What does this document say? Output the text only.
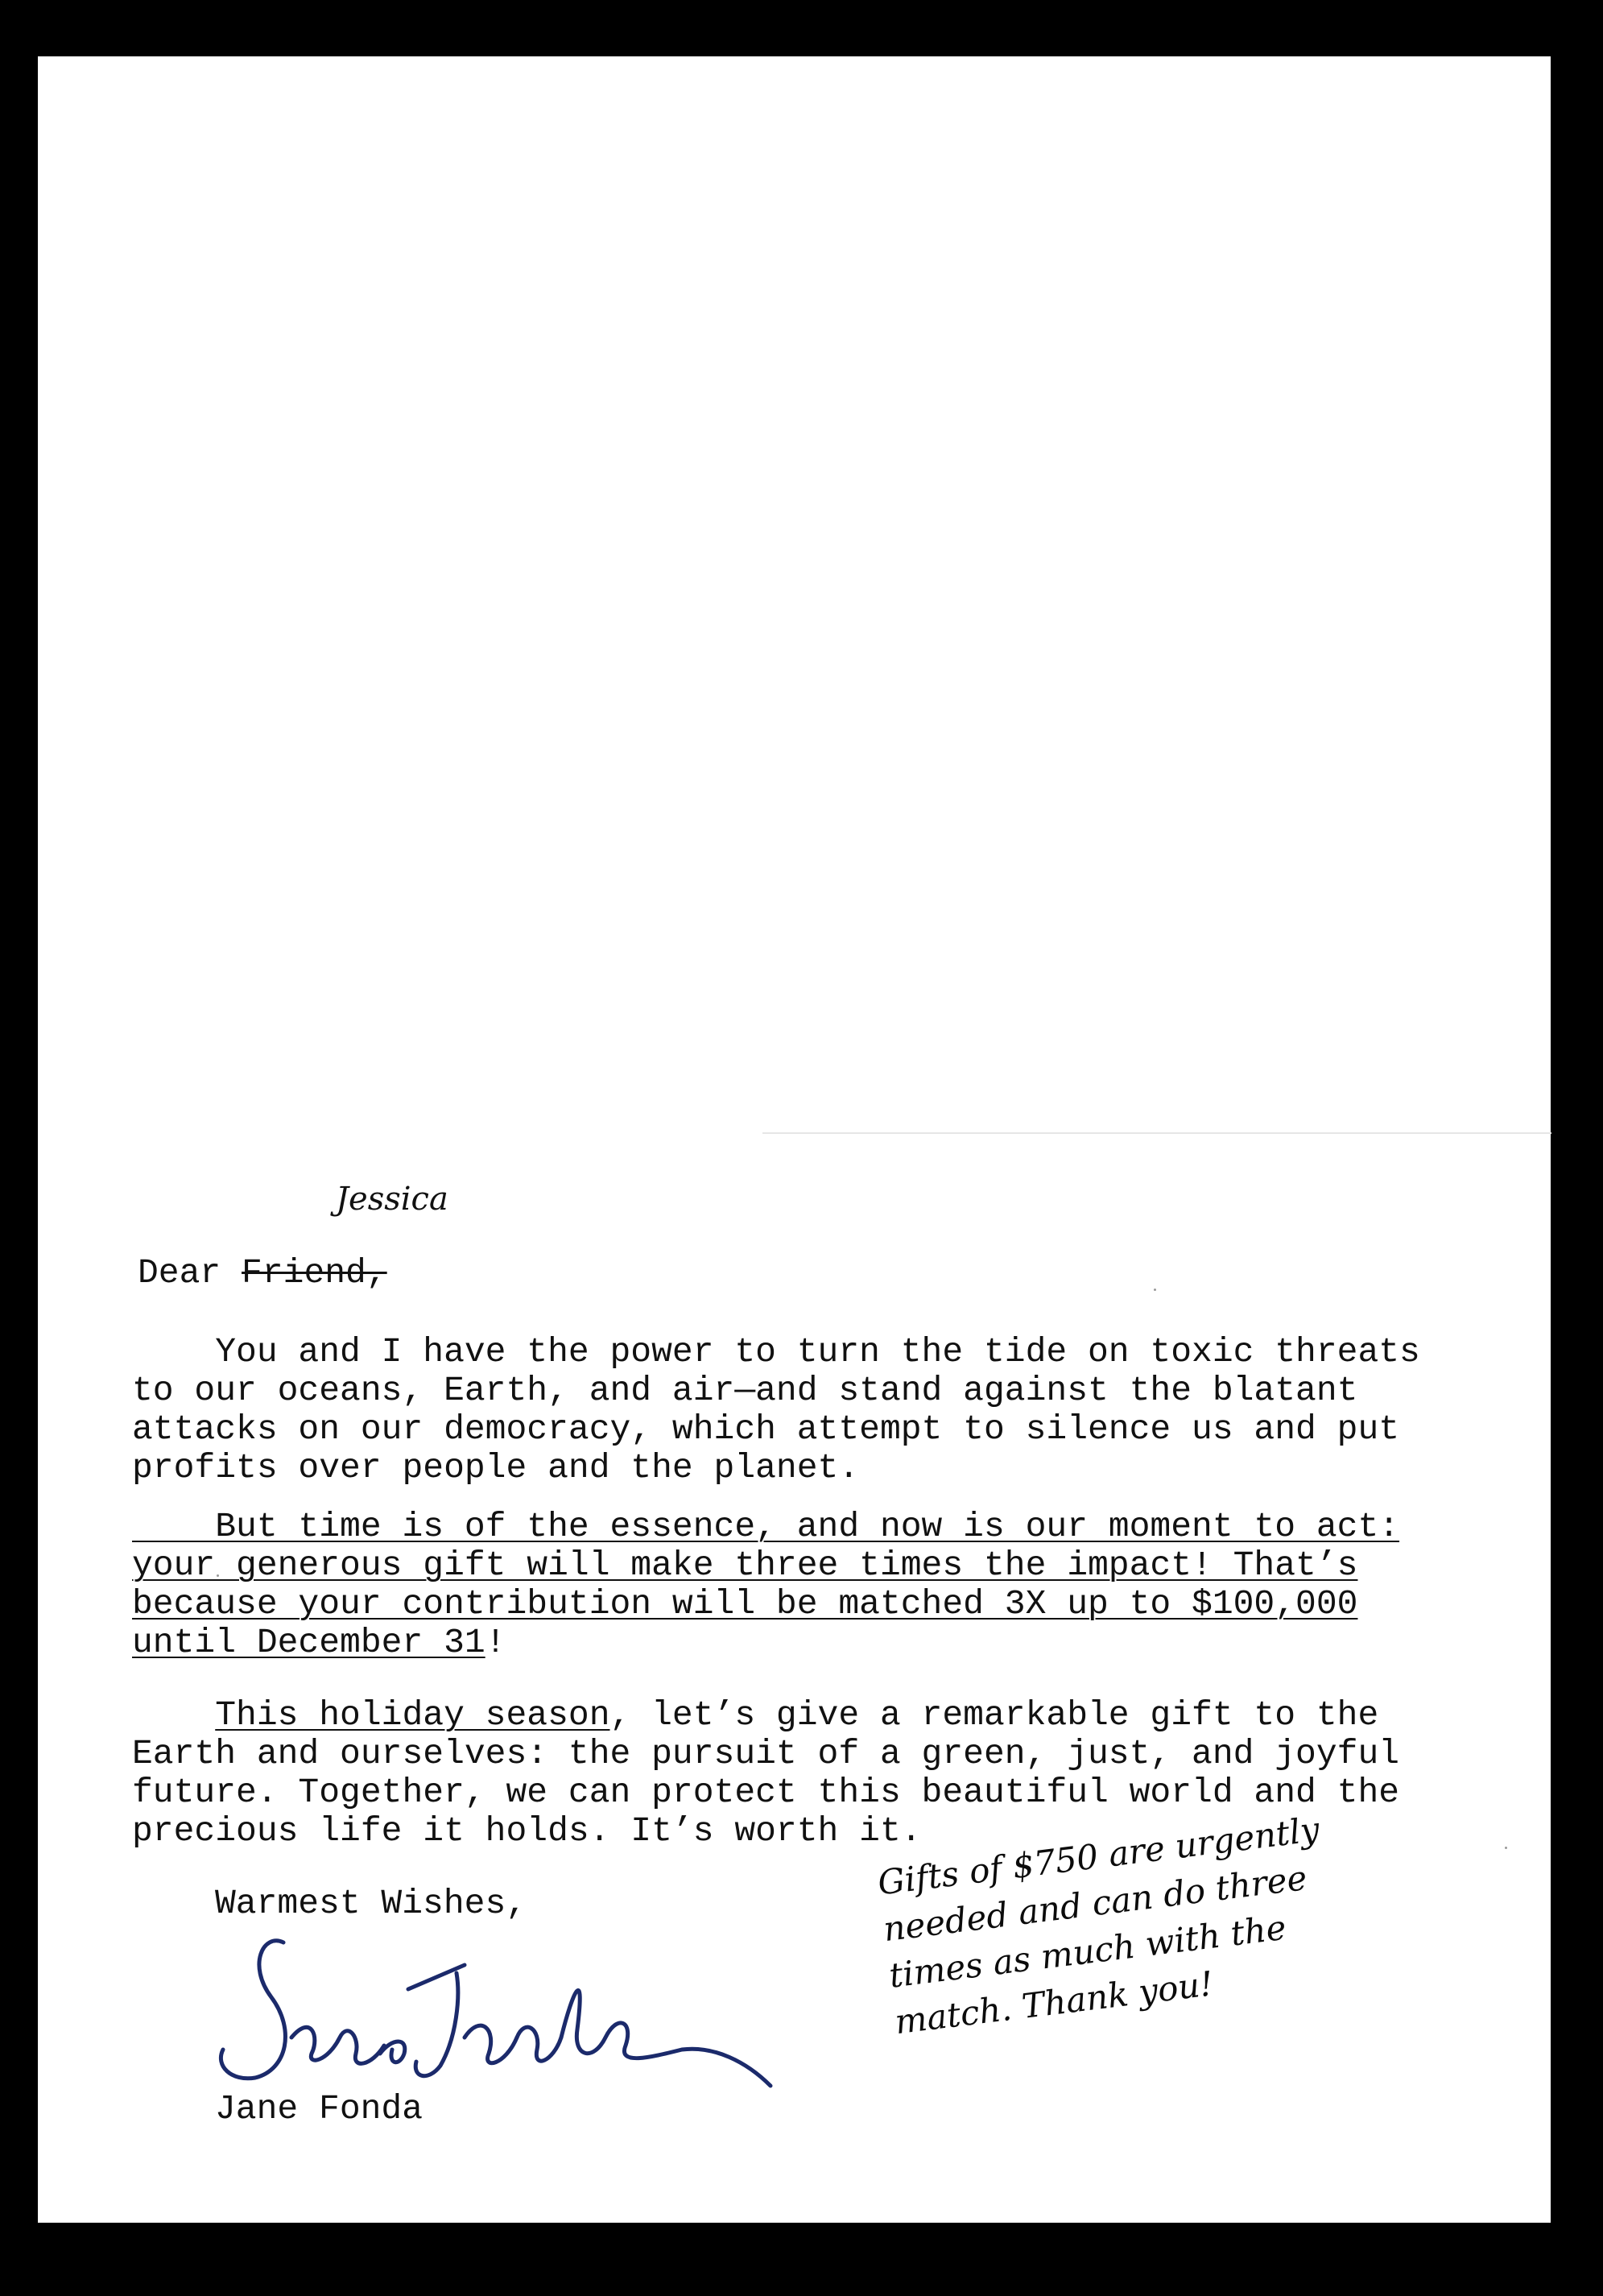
Jessica
Dear Friend,
You and I have the power to turn the tide on toxic threats
to our oceans, Earth, and air—and stand against the blatant
attacks on our democracy, which attempt to silence us and put
profits over people and the planet.
But time is of the essence, and now is our moment to act:
your generous gift will make three times the impact! That’s
because your contribution will be matched 3X up to $100,000
until December 31!
This holiday season, let’s give a remarkable gift to the
Earth and ourselves: the pursuit of a green, just, and joyful
future. Together, we can protect this beautiful world and the
precious life it holds. It’s worth it.
Warmest Wishes,
Jane Fonda
Gifts of $750 are urgently
needed and can do three
times as much with the
match. Thank you!
